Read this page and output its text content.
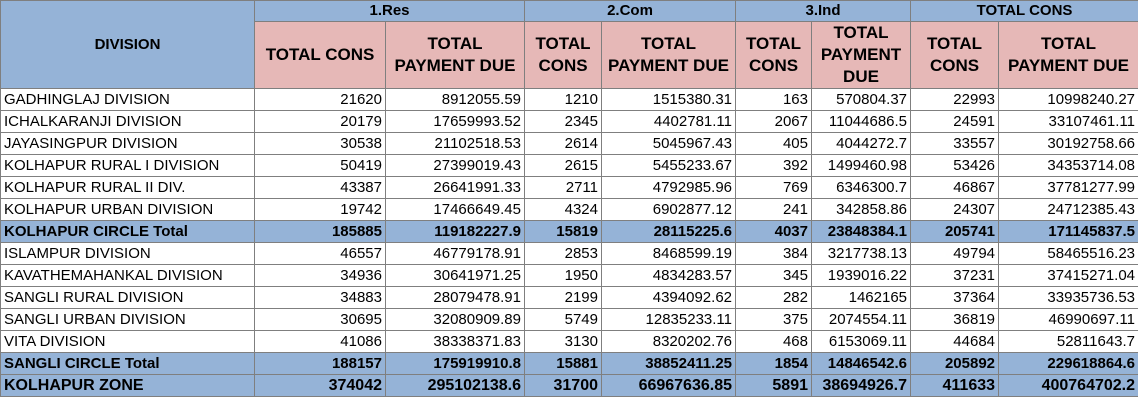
DIVISION	1.Res		2.Com		3.Ind		TOTAL CONS	
	TOTAL CONS	TOTAL PAYMENT DUE	TOTAL CONS	TOTAL PAYMENT DUE	TOTAL CONS	TOTAL PAYMENT DUE	TOTAL CONS	TOTAL PAYMENT DUE
GADHINGLAJ DIVISION	21620	8912055.59	1210	1515380.31	163	570804.37	22993	10998240.27
ICHALKARANJI DIVISION	20179	17659993.52	2345	4402781.11	2067	11044686.5	24591	33107461.11
JAYASINGPUR DIVISION	30538	21102518.53	2614	5045967.43	405	4044272.7	33557	30192758.66
KOLHAPUR RURAL I DIVISION	50419	27399019.43	2615	5455233.67	392	1499460.98	53426	34353714.08
KOLHAPUR RURAL II DIV.	43387	26641991.33	2711	4792985.96	769	6346300.7	46867	37781277.99
KOLHAPUR URBAN DIVISION	19742	17466649.45	4324	6902877.12	241	342858.86	24307	24712385.43
KOLHAPUR CIRCLE Total	185885	119182227.9	15819	28115225.6	4037	23848384.1	205741	171145837.5
ISLAMPUR DIVISION	46557	46779178.91	2853	8468599.19	384	3217738.13	49794	58465516.23
KAVATHEMAHANKAL DIVISION	34936	30641971.25	1950	4834283.57	345	1939016.22	37231	37415271.04
SANGLI RURAL DIVISION	34883	28079478.91	2199	4394092.62	282	1462165	37364	33935736.53
SANGLI URBAN DIVISION	30695	32080909.89	5749	12835233.11	375	2074554.11	36819	46990697.11
VITA DIVISION	41086	38338371.83	3130	8320202.76	468	6153069.11	44684	52811643.7
SANGLI CIRCLE Total	188157	175919910.8	15881	38852411.25	1854	14846542.6	205892	229618864.6
KOLHAPUR ZONE	374042	295102138.6	31700	66967636.85	5891	38694926.7	411633	400764702.2
